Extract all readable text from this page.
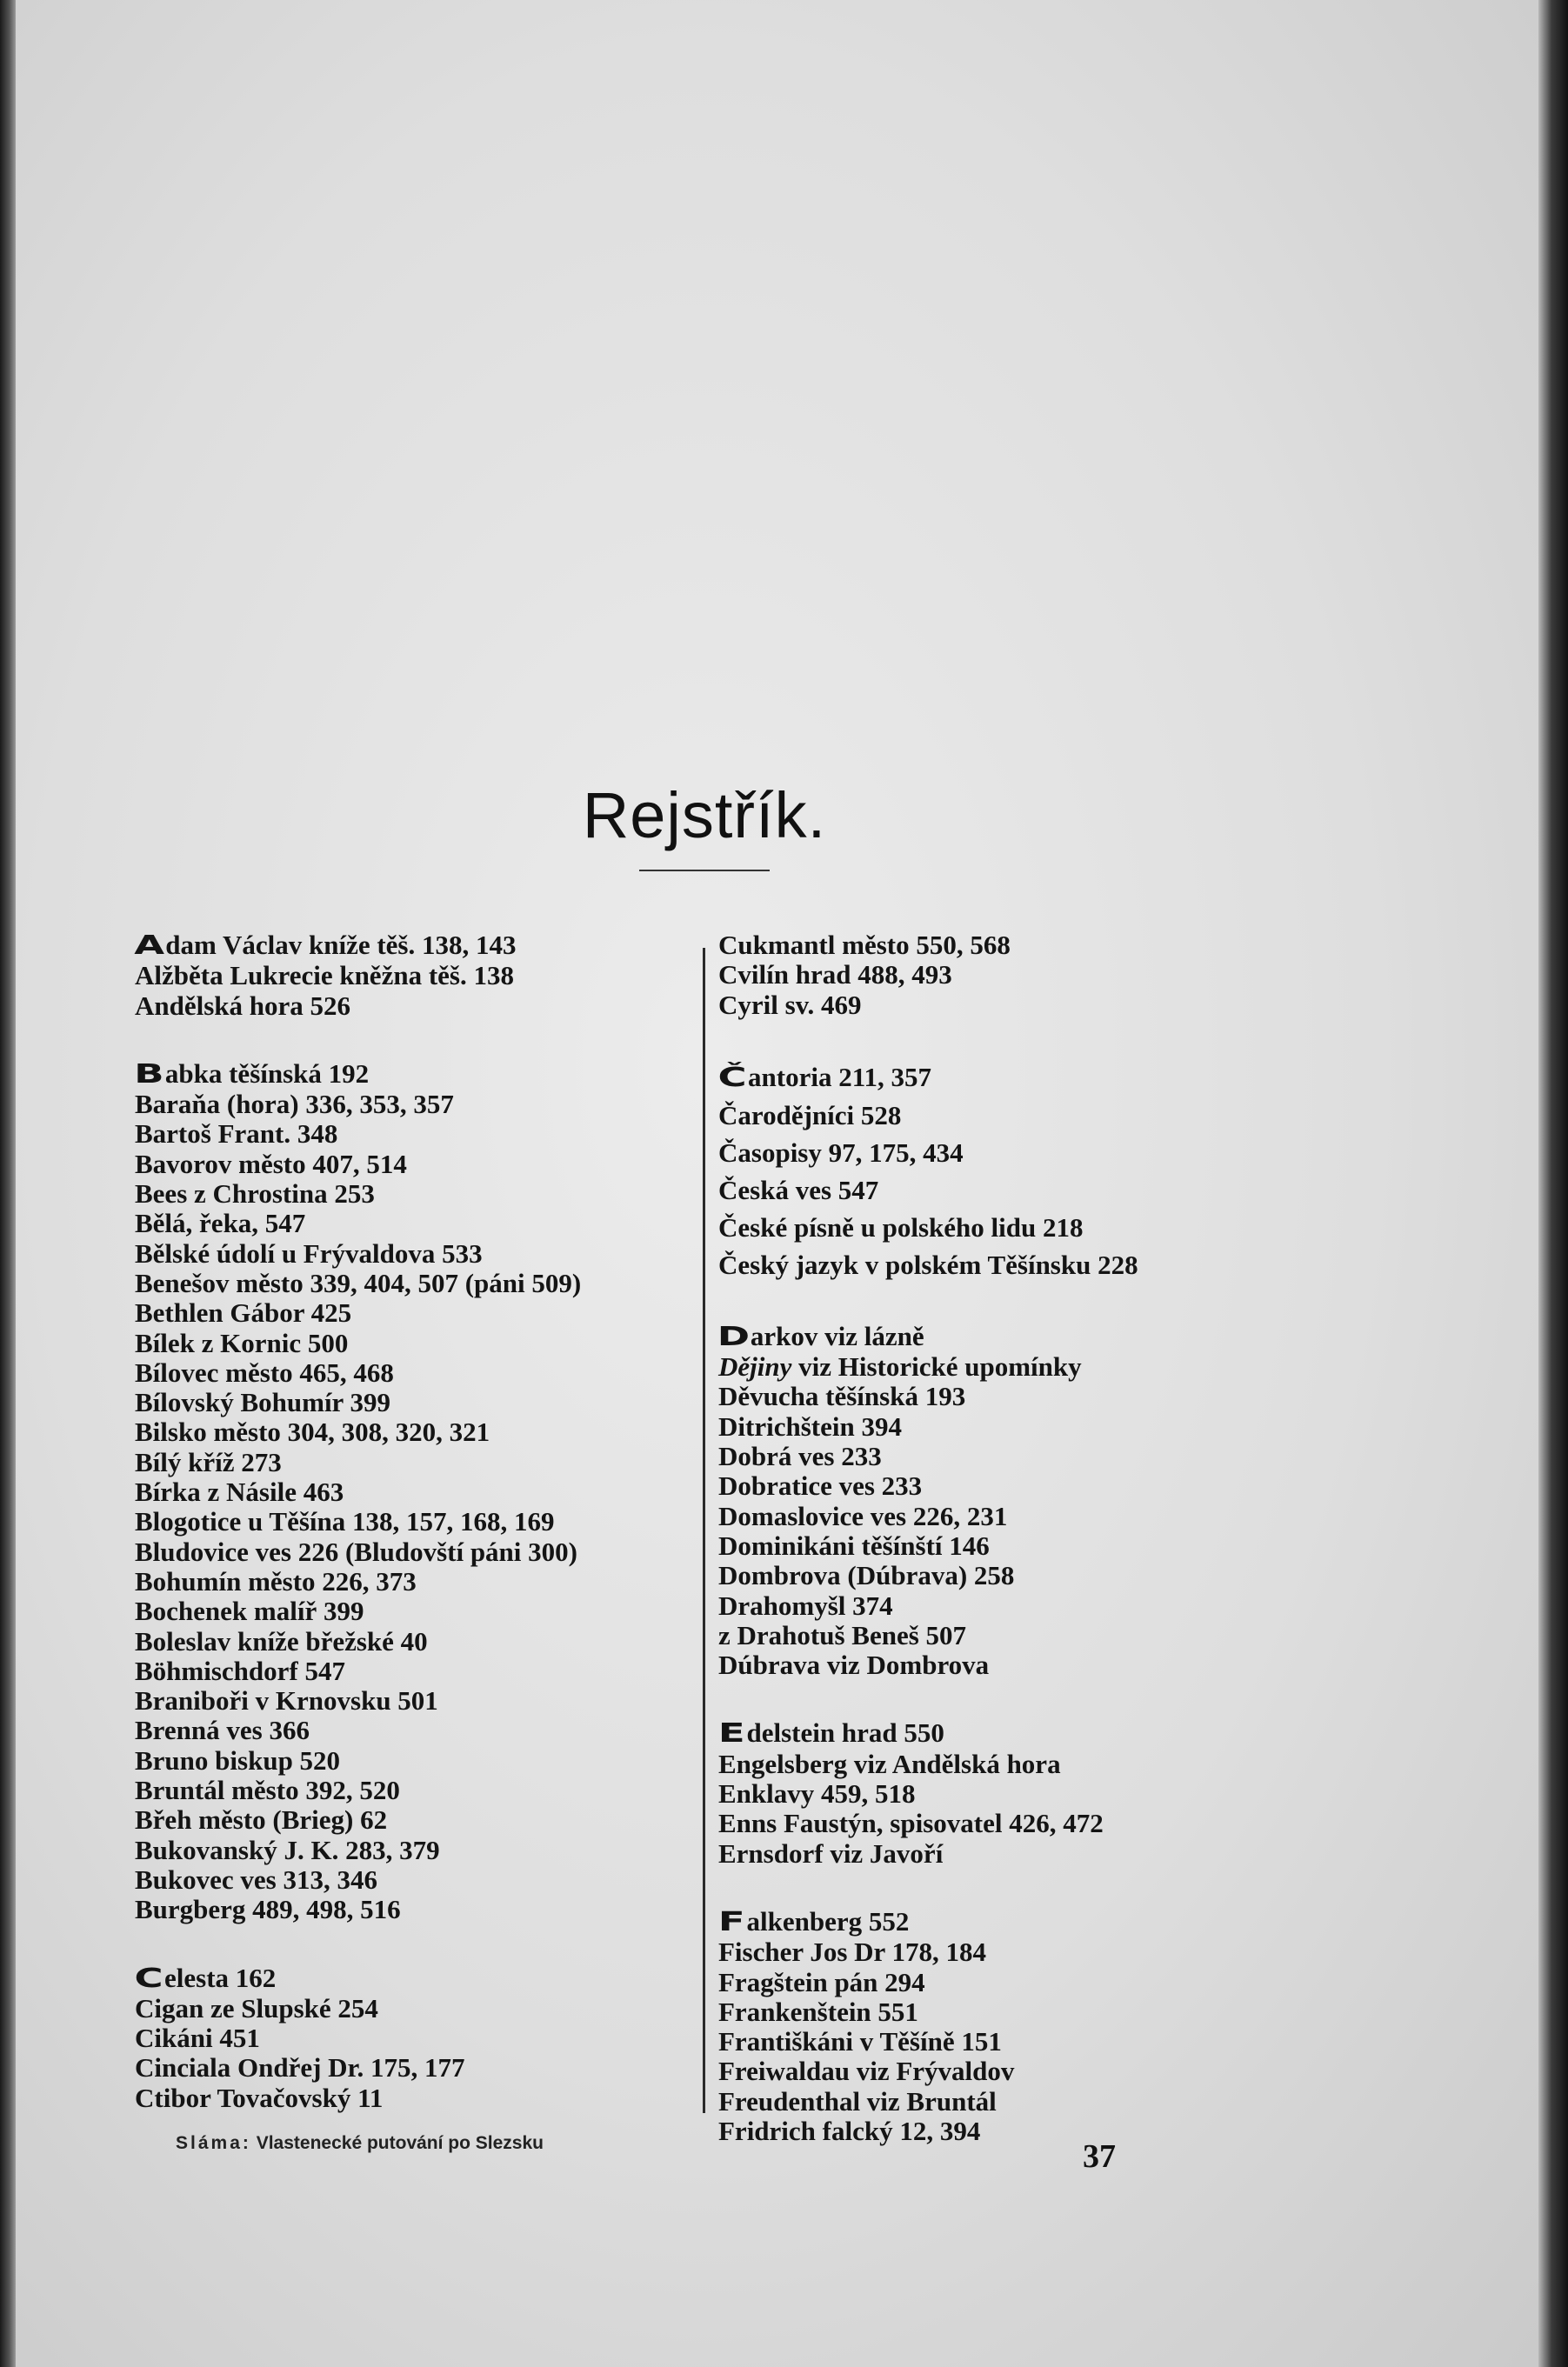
Rejstřík.
Adam Václav kníže těš. 138, 143
Alžběta Lukrecie kněžna těš. 138
Andělská hora 526
Babka těšínská 192
Baraňa (hora) 336, 353, 357
Bartoš Frant. 348
Bavorov město 407, 514
Bees z Chrostina 253
Bělá, řeka, 547
Bělské údolí u Frývaldova 533
Benešov město 339, 404, 507 (páni 509)
Bethlen Gábor 425
Bílek z Kornic 500
Bílovec město 465, 468
Bílovský Bohumír 399
Bilsko město 304, 308, 320, 321
Bílý kříž 273
Bírka z Násile 463
Blogotice u Těšína 138, 157, 168, 169
Bludovice ves 226 (Bludovští páni 300)
Bohumín město 226, 373
Bochenek malíř 399
Boleslav kníže břežské 40
Böhmischdorf 547
Braniboři v Krnovsku 501
Brenná ves 366
Bruno biskup 520
Bruntál město 392, 520
Břeh město (Brieg) 62
Bukovanský J. K. 283, 379
Bukovec ves 313, 346
Burgberg 489, 498, 516
Celesta 162
Cigan ze Slupské 254
Cikáni 451
Cinciala Ondřej Dr. 175, 177
Ctibor Tovačovský 11
Cukmantl město 550, 568
Cvilín hrad 488, 493
Cyril sv. 469
Čantoria 211, 357
Čarodějníci 528
Časopisy 97, 175, 434
Česká ves 547
České písně u polského lidu 218
Český jazyk v polském Těšínsku 228
Darkov viz lázně
Dějiny viz Historické upomínky
Děvucha těšínská 193
Ditrichštein 394
Dobrá ves 233
Dobratice ves 233
Domaslovice ves 226, 231
Dominikáni těšínští 146
Dombrova (Dúbrava) 258
Drahomyšl 374
z Drahotuš Beneš 507
Dúbrava viz Dombrova
Edelstein hrad 550
Engelsberg viz Andělská hora
Enklavy 459, 518
Enns Faustýn, spisovatel 426, 472
Ernsdorf viz Javoří
Falkenberg 552
Fischer Jos Dr 178, 184
Fragštein pán 294
Frankenštein 551
Františkáni v Těšíně 151
Freiwaldau viz Frývaldov
Freudenthal viz Bruntál
Fridrich falcký 12, 394
Sláma: Vlastenecké putování po Slezsku	37
